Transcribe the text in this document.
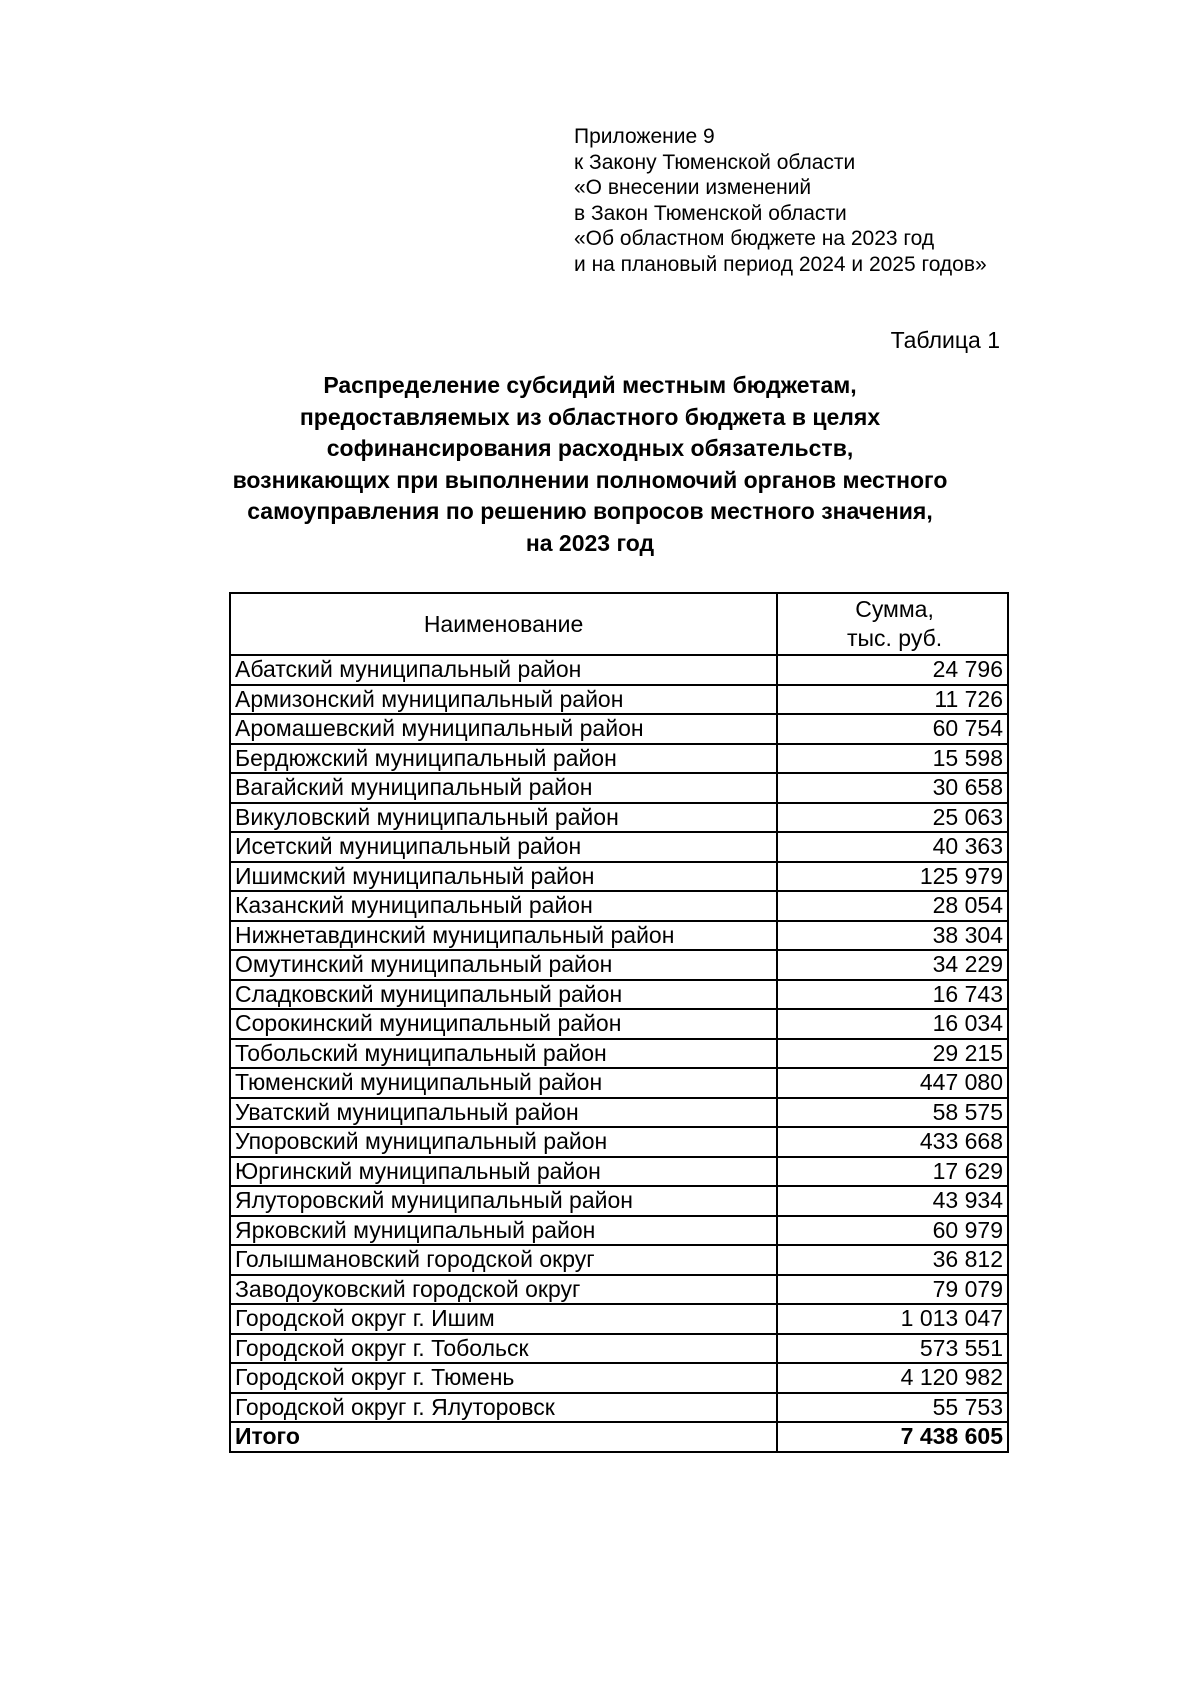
Приложение 9
к Закону Тюменской области
«О внесении изменений
в Закон Тюменской области
«Об областном бюджете на 2023 год
и на плановый период 2024 и 2025 годов»
Таблица 1
Распределение субсидий местным бюджетам,
предоставляемых из областного бюджета в целях
софинансирования расходных обязательств,
возникающих при выполнении полномочий органов местного
самоуправления по решению вопросов местного значения,
на 2023 год
Наименование	Сумма,
тыс. руб.

Абатский муниципальный район	24 796
Армизонский муниципальный район	11 726
Аромашевский муниципальный район	60 754
Бердюжский муниципальный район	15 598
Вагайский муниципальный район	30 658
Викуловский муниципальный район	25 063
Исетский муниципальный район	40 363
Ишимский муниципальный район	125 979
Казанский муниципальный район	28 054
Нижнетавдинский муниципальный район	38 304
Омутинский муниципальный район	34 229
Сладковский муниципальный район	16 743
Сорокинский муниципальный район	16 034
Тобольский муниципальный район	29 215
Тюменский муниципальный район	447 080
Уватский муниципальный район	58 575
Упоровский муниципальный район	433 668
Юргинский муниципальный район	17 629
Ялуторовский муниципальный район	43 934
Ярковский муниципальный район	60 979
Голышмановский городской округ	36 812
Заводоуковский городской округ	79 079
Городской округ г. Ишим	1 013 047
Городской округ г. Тобольск	573 551
Городской округ г. Тюмень	4 120 982
Городской округ г. Ялуторовск	55 753
Итого	7 438 605
